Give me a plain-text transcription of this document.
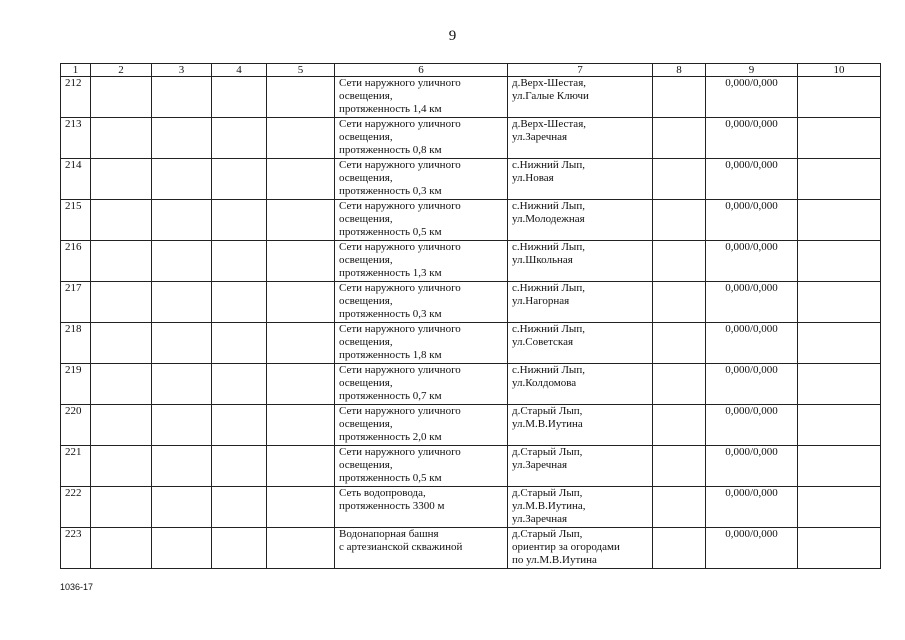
9
1	2	3	4	5	6	7	8	9	10
212					Сети наружного уличного
освещения,
протяженность 1,4 км	д.Верх-Шестая,
ул.Галые Ключи		0,000/0,000	
213					Сети наружного уличного
освещения,
протяженность 0,8 км	д.Верх-Шестая,
ул.Заречная		0,000/0,000	
214					Сети наружного уличного
освещения,
протяженность 0,3 км	с.Нижний Лып,
ул.Новая		0,000/0,000	
215					Сети наружного уличного
освещения,
протяженность 0,5 км	с.Нижний Лып,
ул.Молодежная		0,000/0,000	
216					Сети наружного уличного
освещения,
протяженность 1,3 км	с.Нижний Лып,
ул.Школьная		0,000/0,000	
217					Сети наружного уличного
освещения,
протяженность 0,3 км	с.Нижний Лып,
ул.Нагорная		0,000/0,000	
218					Сети наружного уличного
освещения,
протяженность 1,8 км	с.Нижний Лып,
ул.Советская		0,000/0,000	
219					Сети наружного уличного
освещения,
протяженность 0,7 км	с.Нижний Лып,
ул.Колдомова		0,000/0,000	
220					Сети наружного уличного
освещения,
протяженность 2,0 км	д.Старый Лып,
ул.М.В.Иутина		0,000/0,000	
221					Сети наружного уличного
освещения,
протяженность 0,5 км	д.Старый Лып,
ул.Заречная		0,000/0,000	
222					Сеть водопровода,
протяженность 3300 м	д.Старый Лып,
ул.М.В.Иутина,
ул.Заречная		0,000/0,000	
223					Водонапорная башня
с артезианской скважиной	д.Старый Лып,
ориентир за огородами
по ул.М.В.Иутина		0,000/0,000	
1036-17
